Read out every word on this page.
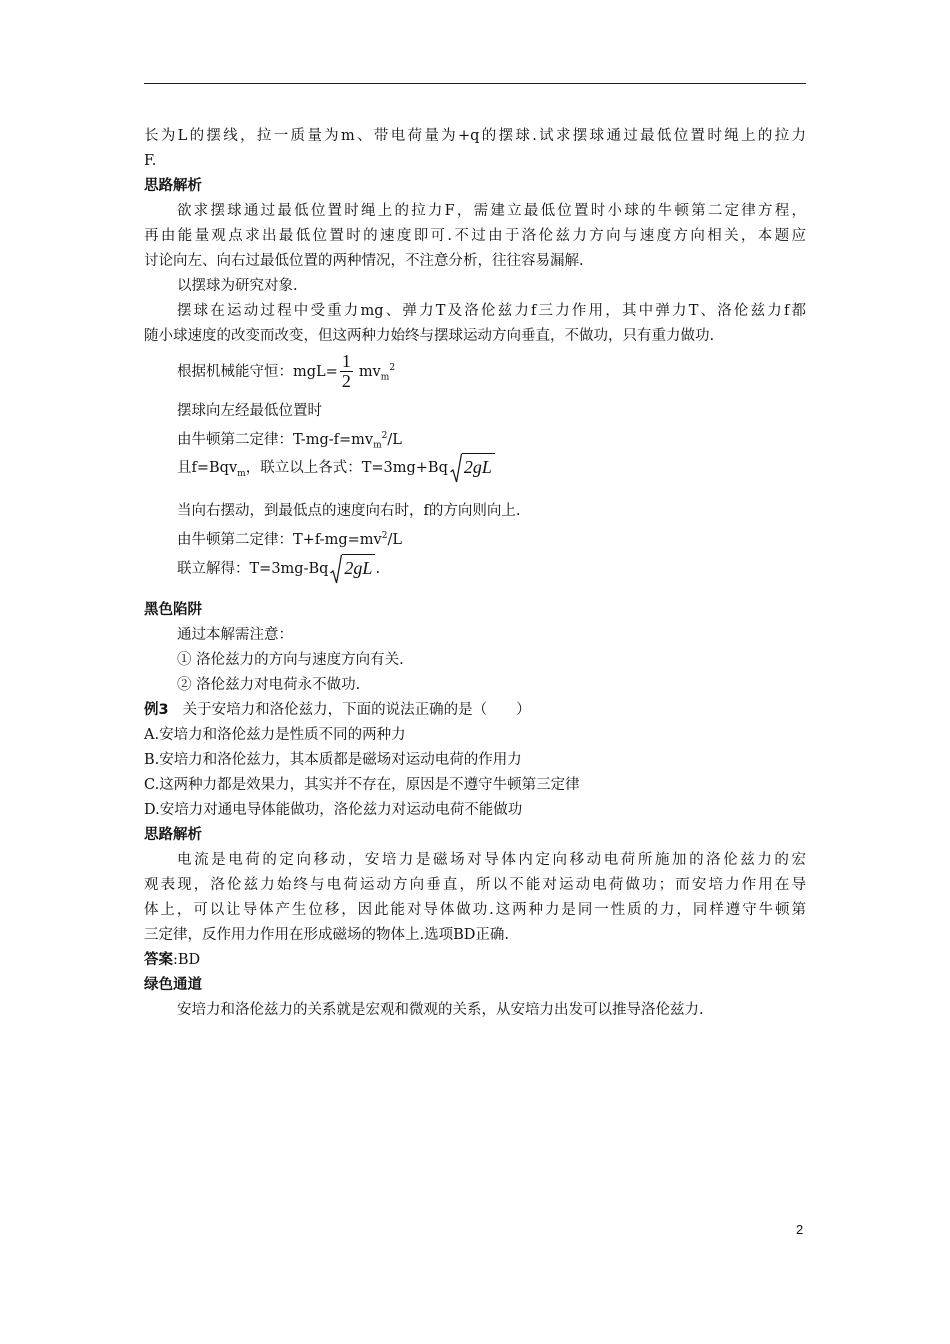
长为L的摆线，拉一质量为m、带电荷量为+q的摆球.试求摆球通过最低位置时绳上的拉力
F.
思路解析
欲求摆球通过最低位置时绳上的拉力F，需建立最低位置时小球的牛顿第二定律方程，
再由能量观点求出最低位置时的速度即可.不过由于洛伦兹力方向与速度方向相关，本题应
讨论向左、向右过最低位置的两种情况，不注意分析，往往容易漏解.
以摆球为研究对象.
摆球在运动过程中受重力mg、弹力T及洛伦兹力f三力作用，其中弹力T、洛伦兹力f都
随小球速度的改变而改变，但这两种力始终与摆球运动方向垂直，不做功，只有重力做功.
根据机械能守恒：$mgL= \frac{1}{2} mv_m^2$
摆球向左经最低位置时
由牛顿第二定律：$T-mg-f=mv_m^2/L$
且f=Bqv$_m$，联立以上各式：T=3mg+Bq 2gL
当向右摆动，到最低点的速度向右时，f的方向则向上.
由牛顿第二定律：$T+f-mg=mv^2/L$
联立解得：T=3mg-Bq 2gL .
黑色陷阱
通过本解需注意：
① 洛伦兹力的方向与速度方向有关.
② 洛伦兹力对电荷永不做功.
例3 关于安培力和洛伦兹力，下面的说法正确的是（　　）
A.安培力和洛伦兹力是性质不同的两种力
B.安培力和洛伦兹力，其本质都是磁场对运动电荷的作用力
C.这两种力都是效果力，其实并不存在，原因是不遵守牛顿第三定律
D.安培力对通电导体能做功，洛伦兹力对运动电荷不能做功
思路解析
电流是电荷的定向移动，安培力是磁场对导体内定向移动电荷所施加的洛伦兹力的宏
观表现，洛伦兹力始终与电荷运动方向垂直，所以不能对运动电荷做功；而安培力作用在导
体上，可以让导体产生位移，因此能对导体做功.这两种力是同一性质的力，同样遵守牛顿第
三定律，反作用力作用在形成磁场的物体上.选项BD正确.
答案:BD
绿色通道
安培力和洛伦兹力的关系就是宏观和微观的关系，从安培力出发可以推导洛伦兹力.
2
